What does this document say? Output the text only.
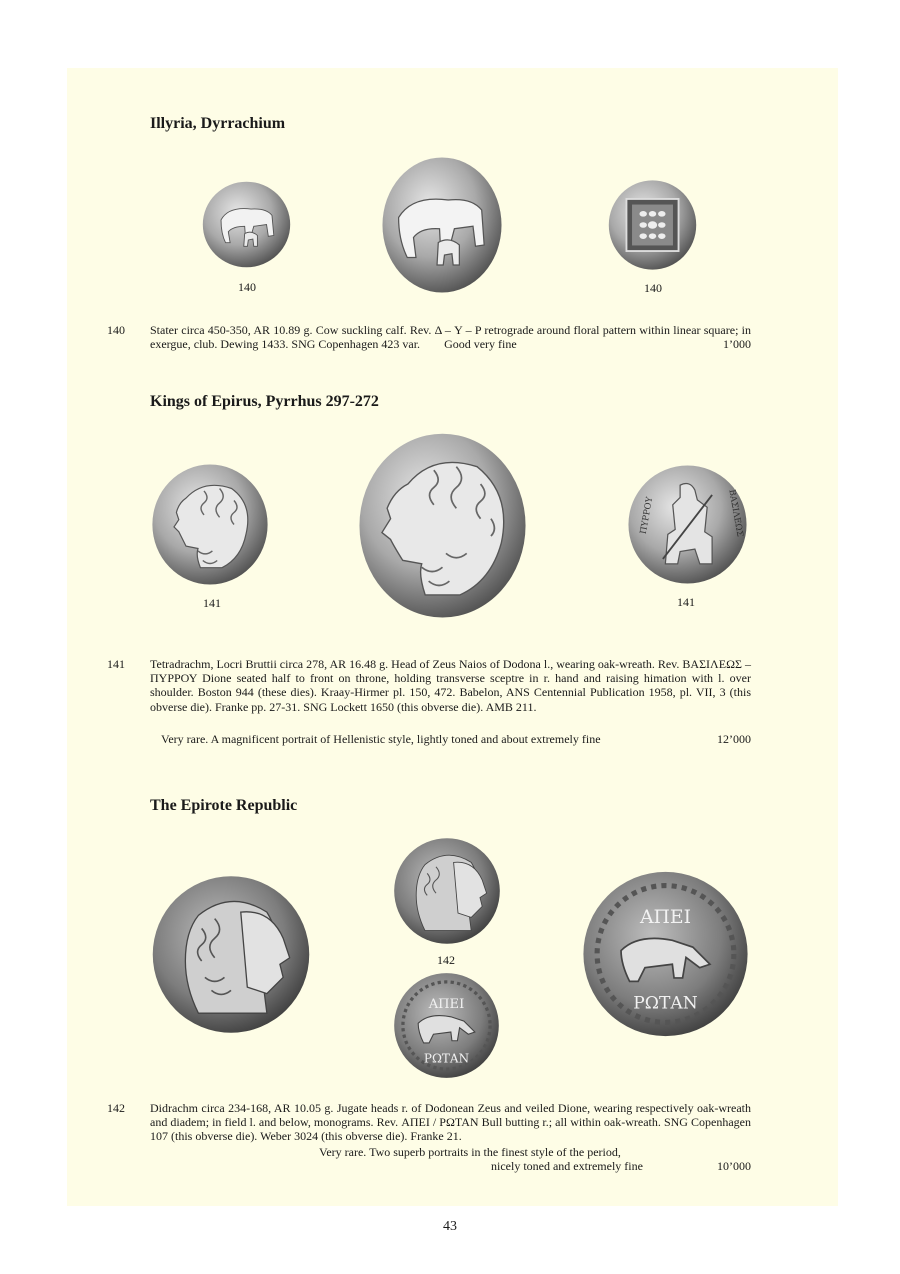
Illyria, Dyrrachium
140	140
140 Stater circa 450-350, AR 10.89 g. Cow suckling calf. Rev. Δ – Y – P retrograde around floral pattern within linear square; in exergue, club. Dewing 1433. SNG Copenhagen 423 var. Good very fine	1’000
Kings of Epirus, Pyrrhus 297-272
ΠΥΡΡΟΥ	ΒΑΣΙΛΕΩΣ
141	141
141 Tetradrachm, Locri Bruttii circa 278, AR 16.48 g. Head of Zeus Naios of Dodona l., wearing oak-wreath. Rev. ΒΑΣΙΛΕΩΣ – ΠΥΡΡΟΥ Dione seated half to front on throne, holding transverse sceptre in r. hand and raising himation with l. over shoulder. Boston 944 (these dies). Kraay-Hirmer pl. 150, 472. Babelon, ANS Centennial Publication 1958, pl. VII, 3 (this obverse die). Franke pp. 27-31. SNG Lockett 1650 (this obverse die). AMB 211.

Very rare. A magnificent portrait of Hellenistic style, lightly toned and about extremely fine	12’000
The Epirote Republic
142
ΑΠΕΙ
ΡΩΤΑΝ
ΑΠΕΙ
ΡΩΤΑΝ
142 Didrachm circa 234-168, AR 10.05 g. Jugate heads r. of Dodonean Zeus and veiled Dione, wearing respectively oak-wreath and diadem; in field l. and below, monograms. Rev. ΑΠΕΙ / ΡΩΤΑΝ Bull butting r.; all within oak-wreath. SNG Copenhagen 107 (this obverse die). Weber 3024 (this obverse die). Franke 21.

Very rare. Two superb portraits in the finest style of the period,
nicely toned and extremely fine	10’000
43
